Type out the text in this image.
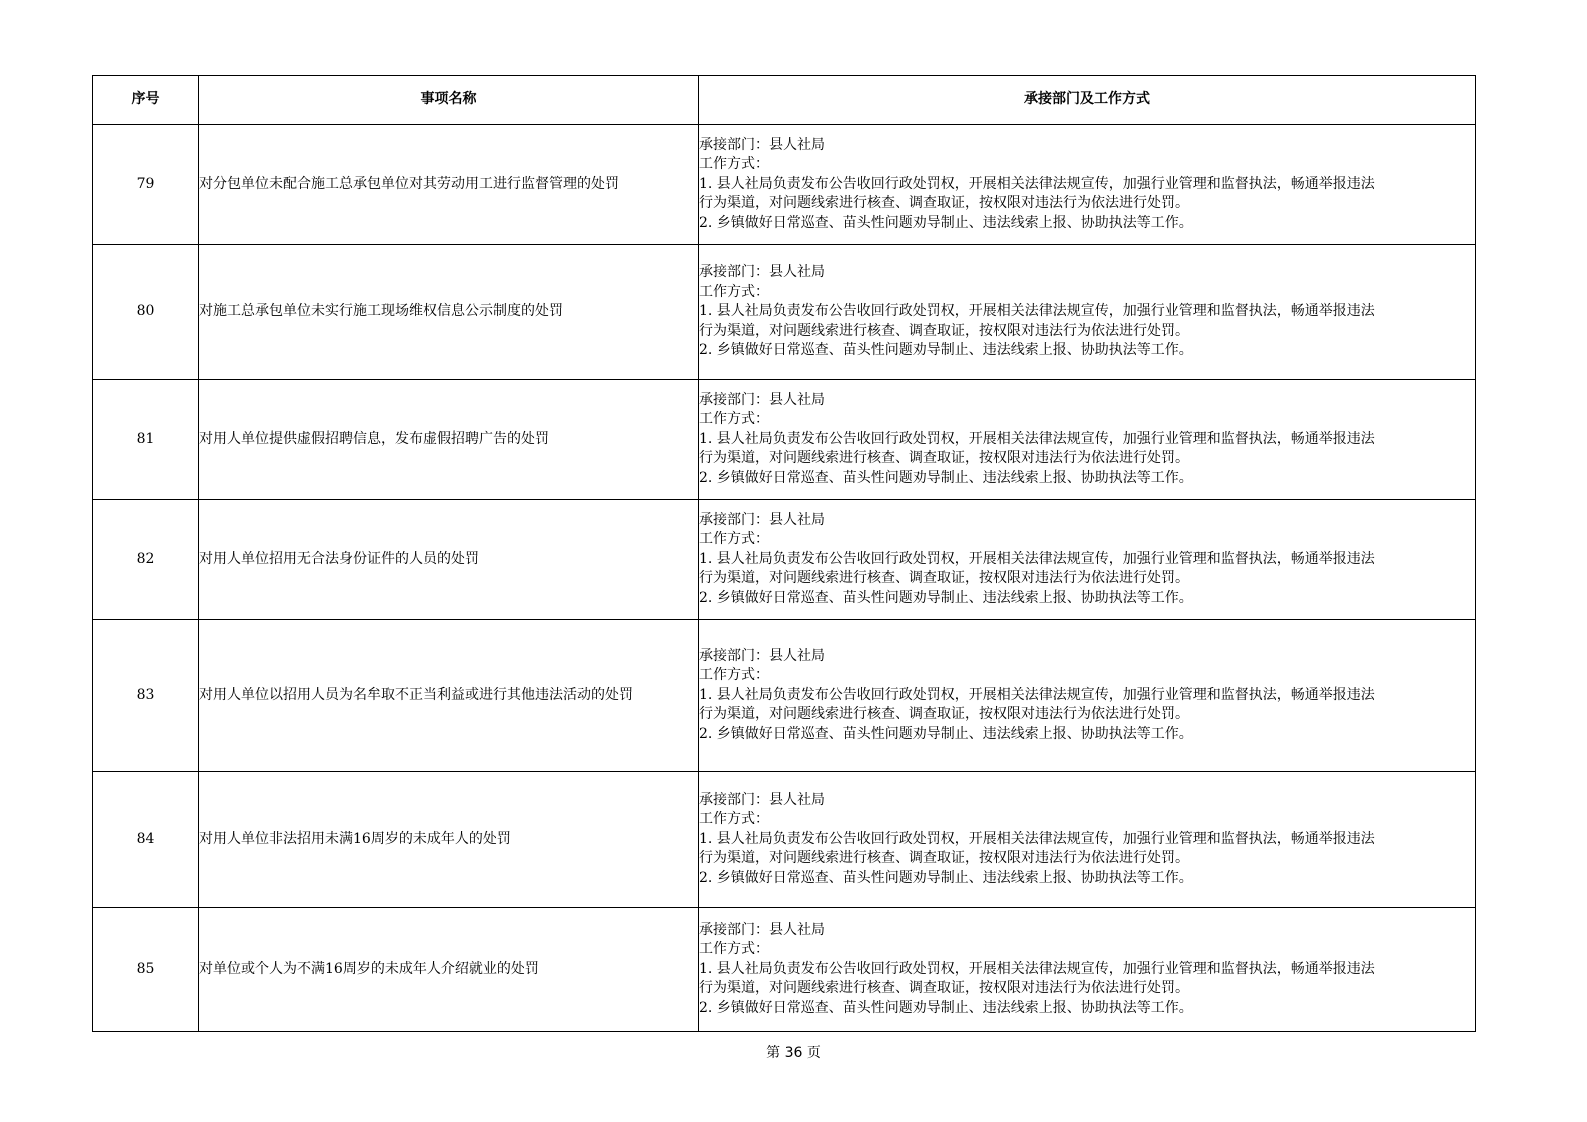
序号	事项名称	承接部门及工作方式
79	对分包单位未配合施工总承包单位对其劳动用工进行监督管理的处罚	承接部门：县人社局
工作方式：
1. 县人社局负责发布公告收回行政处罚权，开展相关法律法规宣传，加强行业管理和监督执法，畅通举报违法
行为渠道，对问题线索进行核查、调查取证，按权限对违法行为依法进行处罚。
2. 乡镇做好日常巡查、苗头性问题劝导制止、违法线索上报、协助执法等工作。

80	对施工总承包单位未实行施工现场维权信息公示制度的处罚	承接部门：县人社局
工作方式：
1. 县人社局负责发布公告收回行政处罚权，开展相关法律法规宣传，加强行业管理和监督执法，畅通举报违法
行为渠道，对问题线索进行核查、调查取证，按权限对违法行为依法进行处罚。
2. 乡镇做好日常巡查、苗头性问题劝导制止、违法线索上报、协助执法等工作。

81	对用人单位提供虚假招聘信息，发布虚假招聘广告的处罚	承接部门：县人社局
工作方式：
1. 县人社局负责发布公告收回行政处罚权，开展相关法律法规宣传，加强行业管理和监督执法，畅通举报违法
行为渠道，对问题线索进行核查、调查取证，按权限对违法行为依法进行处罚。
2. 乡镇做好日常巡查、苗头性问题劝导制止、违法线索上报、协助执法等工作。

82	对用人单位招用无合法身份证件的人员的处罚	承接部门：县人社局
工作方式：
1. 县人社局负责发布公告收回行政处罚权，开展相关法律法规宣传，加强行业管理和监督执法，畅通举报违法
行为渠道，对问题线索进行核查、调查取证，按权限对违法行为依法进行处罚。
2. 乡镇做好日常巡查、苗头性问题劝导制止、违法线索上报、协助执法等工作。

83	对用人单位以招用人员为名牟取不正当利益或进行其他违法活动的处罚	承接部门：县人社局
工作方式：
1. 县人社局负责发布公告收回行政处罚权，开展相关法律法规宣传，加强行业管理和监督执法，畅通举报违法
行为渠道，对问题线索进行核查、调查取证，按权限对违法行为依法进行处罚。
2. 乡镇做好日常巡查、苗头性问题劝导制止、违法线索上报、协助执法等工作。

84	对用人单位非法招用未满16周岁的未成年人的处罚	承接部门：县人社局
工作方式：
1. 县人社局负责发布公告收回行政处罚权，开展相关法律法规宣传，加强行业管理和监督执法，畅通举报违法
行为渠道，对问题线索进行核查、调查取证，按权限对违法行为依法进行处罚。
2. 乡镇做好日常巡查、苗头性问题劝导制止、违法线索上报、协助执法等工作。

85	对单位或个人为不满16周岁的未成年人介绍就业的处罚	承接部门：县人社局
工作方式：
1. 县人社局负责发布公告收回行政处罚权，开展相关法律法规宣传，加强行业管理和监督执法，畅通举报违法
行为渠道，对问题线索进行核查、调查取证，按权限对违法行为依法进行处罚。
2. 乡镇做好日常巡查、苗头性问题劝导制止、违法线索上报、协助执法等工作。
第 36 页
